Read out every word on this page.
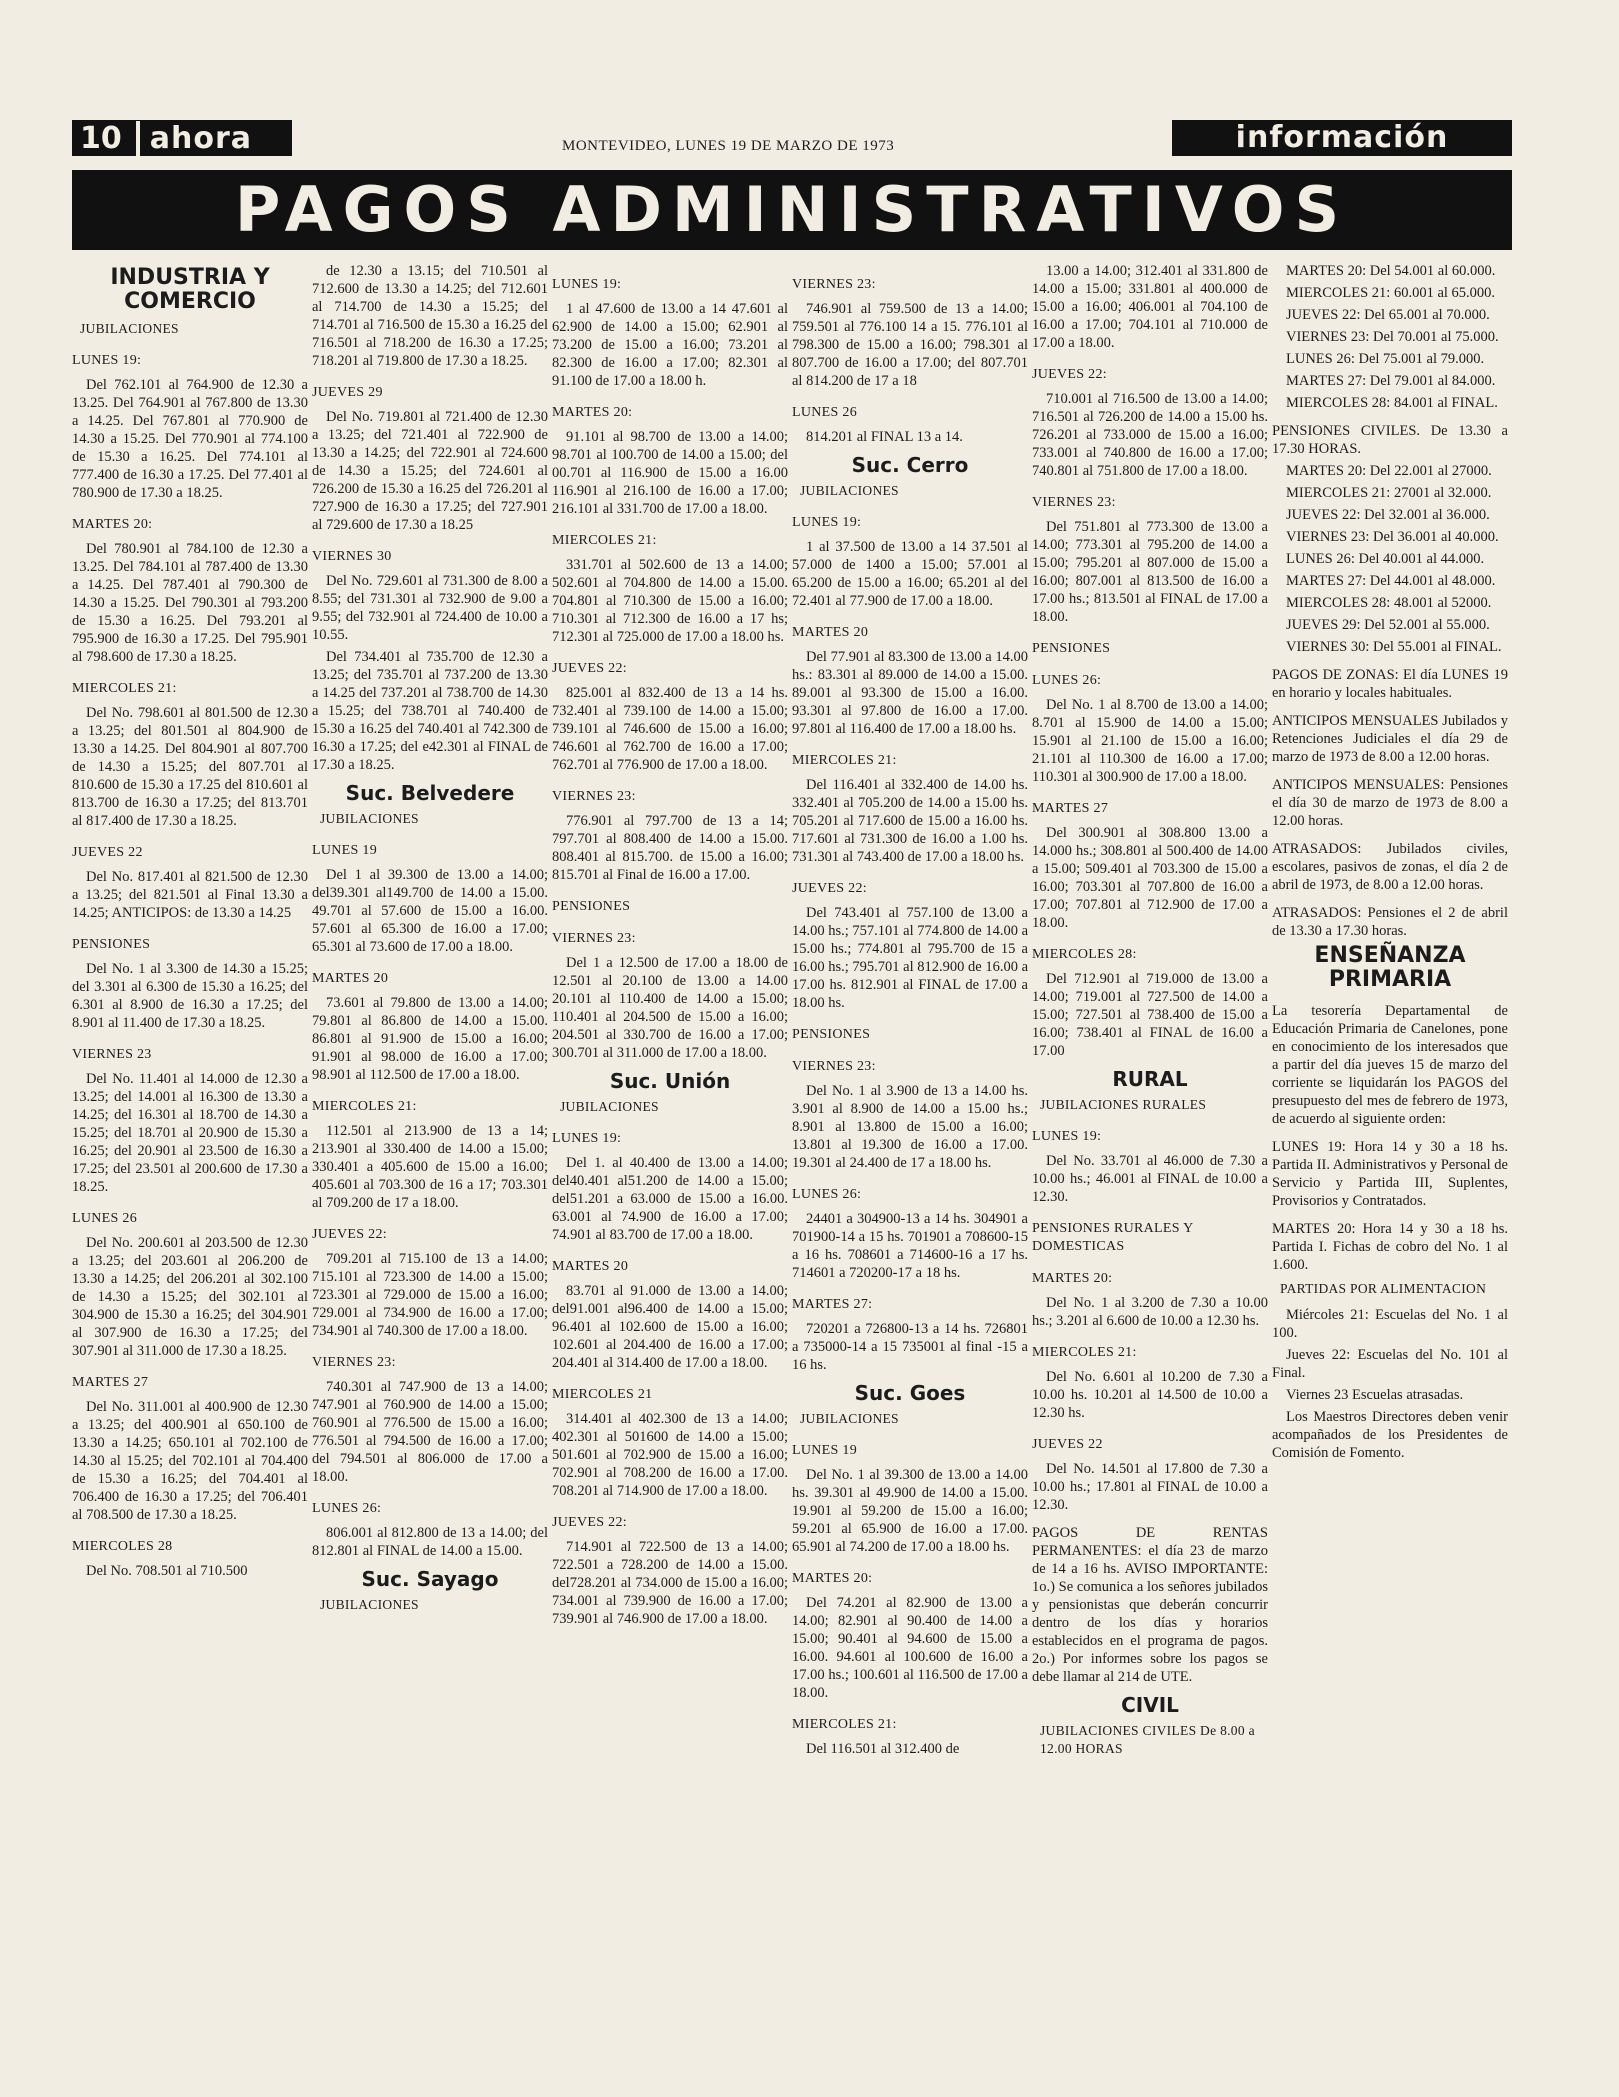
10 ahora	MONTEVIDEO, LUNES 19 DE MARZO DE 1973	información
PAGOS ADMINISTRATIVOS
INDUSTRIA Y COMERCIO
JUBILACIONES
LUNES 19:
Del 762.101 al 764.900 de 12.30 a 13.25. Del 764.901 al 767.800 de 13.30 a 14.25. Del 767.801 al 770.900 de 14.30 a 15.25. Del 770.901 al 774.100 de 15.30 a 16.25. Del 774.101 al 777.400 de 16.30 a 17.25. Del 77.401 al 780.900 de 17.30 a 18.25.
MARTES 20:
Del 780.901 al 784.100 de 12.30 a 13.25. Del 784.101 al 787.400 de 13.30 a 14.25. Del 787.401 al 790.300 de 14.30 a 15.25. Del 790.301 al 793.200 de 15.30 a 16.25. Del 793.201 al 795.900 de 16.30 a 17.25. Del 795.901 al 798.600 de 17.30 a 18.25.
MIERCOLES 21:
Del No. 798.601 al 801.500 de 12.30 a 13.25; del 801.501 al 804.900 de 13.30 a 14.25. Del 804.901 al 807.700 de 14.30 a 15.25; del 807.701 al 810.600 de 15.30 a 17.25 del 810.601 al 813.700 de 16.30 a 17.25; del 813.701 al 817.400 de 17.30 a 18.25.
JUEVES 22
Del No. 817.401 al 821.500 de 12.30 a 13.25; del 821.501 al Final 13.30 a 14.25; ANTICIPOS: de 13.30 a 14.25
PENSIONES
Del No. 1 al 3.300 de 14.30 a 15.25; del 3.301 al 6.300 de 15.30 a 16.25; del 6.301 al 8.900 de 16.30 a 17.25; del 8.901 al 11.400 de 17.30 a 18.25.
VIERNES 23
Del No. 11.401 al 14.000 de 12.30 a 13.25; del 14.001 al 16.300 de 13.30 a 14.25; del 16.301 al 18.700 de 14.30 a 15.25; del 18.701 al 20.900 de 15.30 a 16.25; del 20.901 al 23.500 de 16.30 a 17.25; del 23.501 al 200.600 de 17.30 a 18.25.
LUNES 26
Del No. 200.601 al 203.500 de 12.30 a 13.25; del 203.601 al 206.200 de 13.30 a 14.25; del 206.201 al 302.100 de 14.30 a 15.25; del 302.101 al 304.900 de 15.30 a 16.25; del 304.901 al 307.900 de 16.30 a 17.25; del 307.901 al 311.000 de 17.30 a 18.25.
MARTES 27
Del No. 311.001 al 400.900 de 12.30 a 13.25; del 400.901 al 650.100 de 13.30 a 14.25; 650.101 al 702.100 de 14.30 al 15.25; del 702.101 al 704.400 de 15.30 a 16.25; del 704.401 al 706.400 de 16.30 a 17.25; del 706.401 al 708.500 de 17.30 a 18.25.
MIERCOLES 28
Del No. 708.501 al 710.500
de 12.30 a 13.15; del 710.501 al 712.600 de 13.30 a 14.25; del 712.601 al 714.700 de 14.30 a 15.25; del 714.701 al 716.500 de 15.30 a 16.25 del 716.501 al 718.200 de 16.30 a 17.25; 718.201 al 719.800 de 17.30 a 18.25.
JUEVES 29
Del No. 719.801 al 721.400 de 12.30 a 13.25; del 721.401 al 722.900 de 13.30 a 14.25; del 722.901 al 724.600 de 14.30 a 15.25; del 724.601 al 726.200 de 15.30 a 16.25 del 726.201 al 727.900 de 16.30 a 17.25; del 727.901 al 729.600 de 17.30 a 18.25
VIERNES 30
Del No. 729.601 al 731.300 de 8.00 a 8.55; del 731.301 al 732.900 de 9.00 a 9.55; del 732.901 al 724.400 de 10.00 a 10.55.
Del 734.401 al 735.700 de 12.30 a 13.25; del 735.701 al 737.200 de 13.30 a 14.25 del 737.201 al 738.700 de 14.30 a 15.25; del 738.701 al 740.400 de 15.30 a 16.25 del 740.401 al 742.300 de 16.30 a 17.25; del e42.301 al FINAL de 17.30 a 18.25.
Suc. Belvedere
JUBILACIONES
LUNES 19
Del 1 al 39.300 de 13.00 a 14.00; del39.301 al149.700 de 14.00 a 15.00. 49.701 al 57.600 de 15.00 a 16.00. 57.601 al 65.300 de 16.00 a 17.00; 65.301 al 73.600 de 17.00 a 18.00.
MARTES 20
73.601 al 79.800 de 13.00 a 14.00; 79.801 al 86.800 de 14.00 a 15.00. 86.801 al 91.900 de 15.00 a 16.00; 91.901 al 98.000 de 16.00 a 17.00; 98.901 al 112.500 de 17.00 a 18.00.
MIERCOLES 21:
112.501 al 213.900 de 13 a 14; 213.901 al 330.400 de 14.00 a 15.00; 330.401 a 405.600 de 15.00 a 16.00; 405.601 al 703.300 de 16 a 17; 703.301 al 709.200 de 17 a 18.00.
JUEVES 22:
709.201 al 715.100 de 13 a 14.00; 715.101 al 723.300 de 14.00 a 15.00; 723.301 al 729.000 de 15.00 a 16.00; 729.001 al 734.900 de 16.00 a 17.00; 734.901 al 740.300 de 17.00 a 18.00.
VIERNES 23:
740.301 al 747.900 de 13 a 14.00; 747.901 al 760.900 de 14.00 a 15.00; 760.901 al 776.500 de 15.00 a 16.00; 776.501 al 794.500 de 16.00 a 17.00; del 794.501 al 806.000 de 17.00 a 18.00.
LUNES 26:
806.001 al 812.800 de 13 a 14.00; del 812.801 al FINAL de 14.00 a 15.00.
Suc. Sayago
JUBILACIONES
LUNES 19:
1 al 47.600 de 13.00 a 14 47.601 al 62.900 de 14.00 a 15.00; 62.901 al 73.200 de 15.00 a 16.00; 73.201 al 82.300 de 16.00 a 17.00; 82.301 al 91.100 de 17.00 a 18.00 h.
MARTES 20:
91.101 al 98.700 de 13.00 a 14.00; 98.701 al 100.700 de 14.00 a 15.00; del 00.701 al 116.900 de 15.00 a 16.00 116.901 al 216.100 de 16.00 a 17.00; 216.101 al 331.700 de 17.00 a 18.00.
MIERCOLES 21:
331.701 al 502.600 de 13 a 14.00; 502.601 al 704.800 de 14.00 a 15.00. 704.801 al 710.300 de 15.00 a 16.00; 710.301 al 712.300 de 16.00 a 17 hs; 712.301 al 725.000 de 17.00 a 18.00 hs.
JUEVES 22:
825.001 al 832.400 de 13 a 14 hs. 732.401 al 739.100 de 14.00 a 15.00; 739.101 al 746.600 de 15.00 a 16.00; 746.601 al 762.700 de 16.00 a 17.00; 762.701 al 776.900 de 17.00 a 18.00.
VIERNES 23:
776.901 al 797.700 de 13 a 14; 797.701 al 808.400 de 14.00 a 15.00. 808.401 al 815.700. de 15.00 a 16.00; 815.701 al Final de 16.00 a 17.00.
PENSIONES
VIERNES 23:
Del 1 a 12.500 de 17.00 a 18.00 de 12.501 al 20.100 de 13.00 a 14.00 20.101 al 110.400 de 14.00 a 15.00; 110.401 al 204.500 de 15.00 a 16.00; 204.501 al 330.700 de 16.00 a 17.00; 300.701 al 311.000 de 17.00 a 18.00.
Suc. Unión
JUBILACIONES
LUNES 19:
Del 1. al 40.400 de 13.00 a 14.00; del40.401 al51.200 de 14.00 a 15.00; del51.201 a 63.000 de 15.00 a 16.00. 63.001 al 74.900 de 16.00 a 17.00; 74.901 al 83.700 de 17.00 a 18.00.
MARTES 20
83.701 al 91.000 de 13.00 a 14.00; del91.001 al96.400 de 14.00 a 15.00; 96.401 al 102.600 de 15.00 a 16.00; 102.601 al 204.400 de 16.00 a 17.00; 204.401 al 314.400 de 17.00 a 18.00.
MIERCOLES 21
314.401 al 402.300 de 13 a 14.00; 402.301 al 501600 de 14.00 a 15.00; 501.601 al 702.900 de 15.00 a 16.00; 702.901 al 708.200 de 16.00 a 17.00. 708.201 al 714.900 de 17.00 a 18.00.
JUEVES 22:
714.901 al 722.500 de 13 a 14.00; 722.501 a 728.200 de 14.00 a 15.00. del728.201 al 734.000 de 15.00 a 16.00; 734.001 al 739.900 de 16.00 a 17.00; 739.901 al 746.900 de 17.00 a 18.00.
VIERNES 23:
746.901 al 759.500 de 13 a 14.00; 759.501 al 776.100 14 a 15. 776.101 al 798.300 de 15.00 a 16.00; 798.301 al 807.700 de 16.00 a 17.00; del 807.701 al 814.200 de 17 a 18
LUNES 26
814.201 al FINAL 13 a 14.
Suc. Cerro
JUBILACIONES
LUNES 19:
1 al 37.500 de 13.00 a 14 37.501 al 57.000 de 1400 a 15.00; 57.001 al 65.200 de 15.00 a 16.00; 65.201 al del 72.401 al 77.900 de 17.00 a 18.00.
MARTES 20
Del 77.901 al 83.300 de 13.00 a 14.00 hs.: 83.301 al 89.000 de 14.00 a 15.00. 89.001 al 93.300 de 15.00 a 16.00. 93.301 al 97.800 de 16.00 a 17.00. 97.801 al 116.400 de 17.00 a 18.00 hs.
MIERCOLES 21:
Del 116.401 al 332.400 de 14.00 hs. 332.401 al 705.200 de 14.00 a 15.00 hs. 705.201 al 717.600 de 15.00 a 16.00 hs. 717.601 al 731.300 de 16.00 a 1.00 hs. 731.301 al 743.400 de 17.00 a 18.00 hs.
JUEVES 22:
Del 743.401 al 757.100 de 13.00 a 14.00 hs.; 757.101 al 774.800 de 14.00 a 15.00 hs.; 774.801 al 795.700 de 15 a 16.00 hs.; 795.701 al 812.900 de 16.00 a 17.00 hs. 812.901 al FINAL de 17.00 a 18.00 hs.
PENSIONES
VIERNES 23:
Del No. 1 al 3.900 de 13 a 14.00 hs. 3.901 al 8.900 de 14.00 a 15.00 hs.; 8.901 al 13.800 de 15.00 a 16.00; 13.801 al 19.300 de 16.00 a 17.00. 19.301 al 24.400 de 17 a 18.00 hs.
LUNES 26:
24401 a 304900-13 a 14 hs. 304901 a 701900-14 a 15 hs. 701901 a 708600-15 a 16 hs. 708601 a 714600-16 a 17 hs. 714601 a 720200-17 a 18 hs.
MARTES 27:
720201 a 726800-13 a 14 hs. 726801 a 735000-14 a 15 735001 al final -15 a 16 hs.
Suc. Goes
JUBILACIONES
LUNES 19
Del No. 1 al 39.300 de 13.00 a 14.00 hs. 39.301 al 49.900 de 14.00 a 15.00. 19.901 al 59.200 de 15.00 a 16.00; 59.201 al 65.900 de 16.00 a 17.00. 65.901 al 74.200 de 17.00 a 18.00 hs.
MARTES 20:
Del 74.201 al 82.900 de 13.00 a 14.00; 82.901 al 90.400 de 14.00 a 15.00; 90.401 al 94.600 de 15.00 a 16.00. 94.601 al 100.600 de 16.00 a 17.00 hs.; 100.601 al 116.500 de 17.00 a 18.00.
MIERCOLES 21:
Del 116.501 al 312.400 de
13.00 a 14.00; 312.401 al 331.800 de 14.00 a 15.00; 331.801 al 400.000 de 15.00 a 16.00; 406.001 al 704.100 de 16.00 a 17.00; 704.101 al 710.000 de 17.00 a 18.00.
JUEVES 22:
710.001 al 716.500 de 13.00 a 14.00; 716.501 al 726.200 de 14.00 a 15.00 hs. 726.201 al 733.000 de 15.00 a 16.00; 733.001 al 740.800 de 16.00 a 17.00; 740.801 al 751.800 de 17.00 a 18.00.
VIERNES 23:
Del 751.801 al 773.300 de 13.00 a 14.00; 773.301 al 795.200 de 14.00 a 15.00; 795.201 al 807.000 de 15.00 a 16.00; 807.001 al 813.500 de 16.00 a 17.00 hs.; 813.501 al FINAL de 17.00 a 18.00.
PENSIONES
LUNES 26:
Del No. 1 al 8.700 de 13.00 a 14.00; 8.701 al 15.900 de 14.00 a 15.00; 15.901 al 21.100 de 15.00 a 16.00; 21.101 al 110.300 de 16.00 a 17.00; 110.301 al 300.900 de 17.00 a 18.00.
MARTES 27
Del 300.901 al 308.800 13.00 a 14.000 hs.; 308.801 al 500.400 de 14.00 a 15.00; 509.401 al 703.300 de 15.00 a 16.00; 703.301 al 707.800 de 16.00 a 17.00; 707.801 al 712.900 de 17.00 a 18.00.
MIERCOLES 28:
Del 712.901 al 719.000 de 13.00 a 14.00; 719.001 al 727.500 de 14.00 a 15.00; 727.501 al 738.400 de 15.00 a 16.00; 738.401 al FINAL de 16.00 a 17.00
RURAL
JUBILACIONES RURALES
LUNES 19:
Del No. 33.701 al 46.000 de 7.30 a 10.00 hs.; 46.001 al FINAL de 10.00 a 12.30.
PENSIONES RURALES Y DOMESTICAS
MARTES 20:
Del No. 1 al 3.200 de 7.30 a 10.00 hs.; 3.201 al 6.600 de 10.00 a 12.30 hs.
MIERCOLES 21:
Del No. 6.601 al 10.200 de 7.30 a 10.00 hs. 10.201 al 14.500 de 10.00 a 12.30 hs.
JUEVES 22
Del No. 14.501 al 17.800 de 7.30 a 10.00 hs.; 17.801 al FINAL de 10.00 a 12.30.
PAGOS DE RENTAS PERMANENTES: el día 23 de marzo de 14 a 16 hs. AVISO IMPORTANTE: 1o.) Se comunica a los señores jubilados y pensionistas que deberán concurrir dentro de los días y horarios establecidos en el programa de pagos. 2o.) Por informes sobre los pagos se debe llamar al 214 de UTE.
CIVIL
JUBILACIONES CIVILES De 8.00 a 12.00 HORAS
MARTES 20: Del 54.001 al 60.000.
MIERCOLES 21: 60.001 al 65.000.
JUEVES 22: Del 65.001 al 70.000.
VIERNES 23: Del 70.001 al 75.000.
LUNES 26: Del 75.001 al 79.000.
MARTES 27: Del 79.001 al 84.000.
MIERCOLES 28: 84.001 al FINAL.
PENSIONES CIVILES. De 13.30 a 17.30 HORAS.
MARTES 20: Del 22.001 al 27000.
MIERCOLES 21: 27001 al 32.000.
JUEVES 22: Del 32.001 al 36.000.
VIERNES 23: Del 36.001 al 40.000.
LUNES 26: Del 40.001 al 44.000.
MARTES 27: Del 44.001 al 48.000.
MIERCOLES 28: 48.001 al 52000.
JUEVES 29: Del 52.001 al 55.000.
VIERNES 30: Del 55.001 al FINAL.
PAGOS DE ZONAS: El día LUNES 19 en horario y locales habituales.
ANTICIPOS MENSUALES Jubilados y Retenciones Judiciales el día 29 de marzo de 1973 de 8.00 a 12.00 horas.
ANTICIPOS MENSUALES: Pensiones el día 30 de marzo de 1973 de 8.00 a 12.00 horas.
ATRASADOS: Jubilados civiles, escolares, pasivos de zonas, el día 2 de abril de 1973, de 8.00 a 12.00 horas.
ATRASADOS: Pensiones el 2 de abril de 13.30 a 17.30 horas.
ENSEÑANZA PRIMARIA
La tesorería Departamental de Educación Primaria de Canelones, pone en conocimiento de los interesados que a partir del día jueves 15 de marzo del corriente se liquidarán los PAGOS del presupuesto del mes de febrero de 1973, de acuerdo al siguiente orden:
LUNES 19: Hora 14 y 30 a 18 hs. Partida II. Administrativos y Personal de Servicio y Partida III, Suplentes, Provisorios y Contratados.
MARTES 20: Hora 14 y 30 a 18 hs. Partida I. Fichas de cobro del No. 1 al 1.600.
PARTIDAS POR ALIMENTACION
Miércoles 21: Escuelas del No. 1 al 100.
Jueves 22: Escuelas del No. 101 al Final.
Viernes 23 Escuelas atrasadas.
Los Maestros Directores deben venir acompañados de los Presidentes de Comisión de Fomento.
